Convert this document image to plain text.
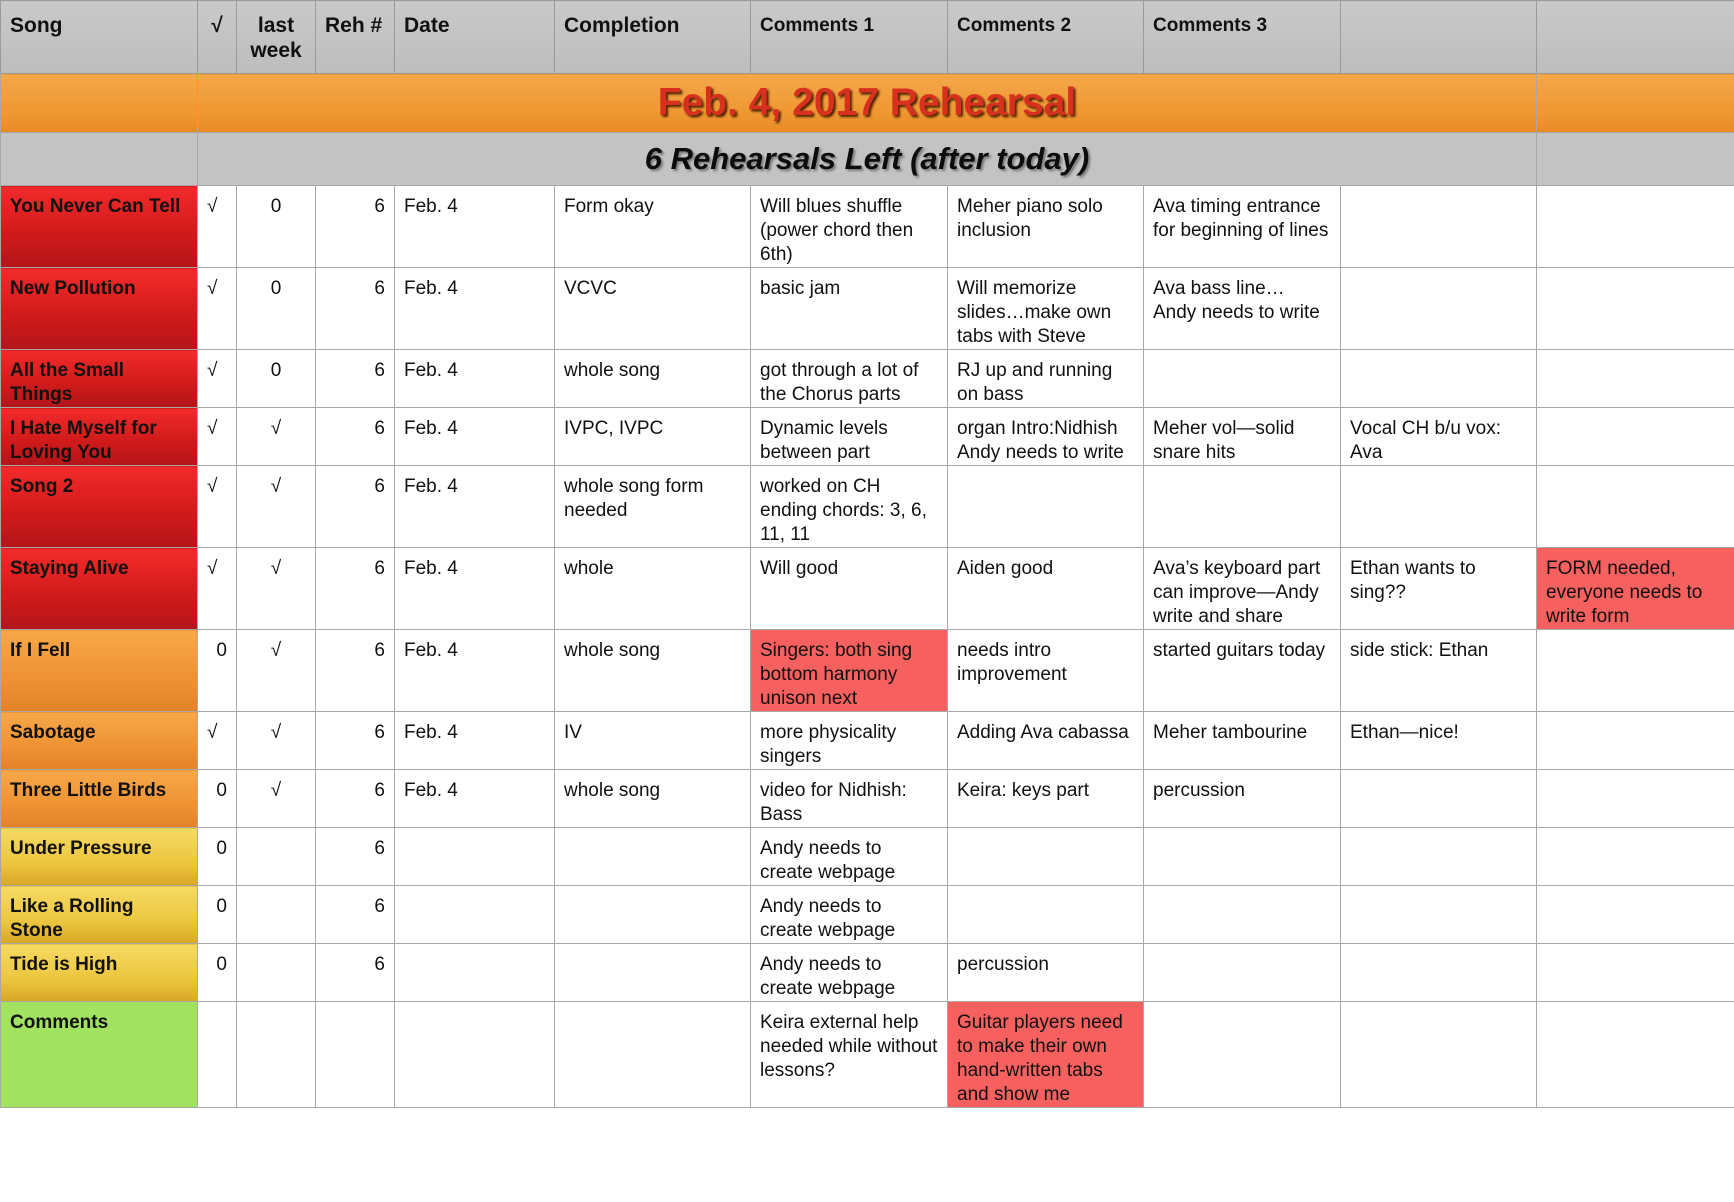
Song	√	last week	Reh #	Date	Completion	Comments 1	Comments 2	Comments 3		
	Feb. 4, 2017 Rehearsal									
	6 Rehearsals Left (after today)									
You Never Can Tell	√	0	6	Feb. 4	Form okay	Will blues shuffle (power chord then 6th)	Meher piano solo inclusion	Ava timing entrance for beginning of lines		
New Pollution	√	0	6	Feb. 4	VCVC	basic jam	Will memorize slides…make own tabs with Steve	Ava bass line… Andy needs to write		
All the Small Things	√	0	6	Feb. 4	whole song	got through a lot of the Chorus parts	RJ up and running on bass			
I Hate Myself for Loving You	√	√	6	Feb. 4	IVPC, IVPC	Dynamic levels between part	organ Intro:Nidhish Andy needs to write	Meher vol—solid snare hits	Vocal CH b/u vox: Ava	
Song 2	√	√	6	Feb. 4	whole song form needed	worked on CH ending chords: 3, 6, 11, 11				
Staying Alive	√	√	6	Feb. 4	whole	Will good	Aiden good	Ava’s keyboard part can improve—Andy write and share	Ethan wants to sing??	FORM needed, everyone needs to write form
If I Fell	0	√	6	Feb. 4	whole song	Singers: both sing bottom harmony unison next	needs intro improvement	started guitars today	side stick: Ethan	
Sabotage	√	√	6	Feb. 4	IV	more physicality singers	Adding Ava cabassa	Meher tambourine	Ethan—nice!	
Three Little Birds	0	√	6	Feb. 4	whole song	video for Nidhish: Bass	Keira: keys part	percussion		
Under Pressure	0		6			Andy needs to create webpage				
Like a Rolling Stone	0		6			Andy needs to create webpage				
Tide is High	0		6			Andy needs to create webpage	percussion			
Comments						Keira external help needed while without lessons?	Guitar players need to make their own hand-written tabs and show me			
